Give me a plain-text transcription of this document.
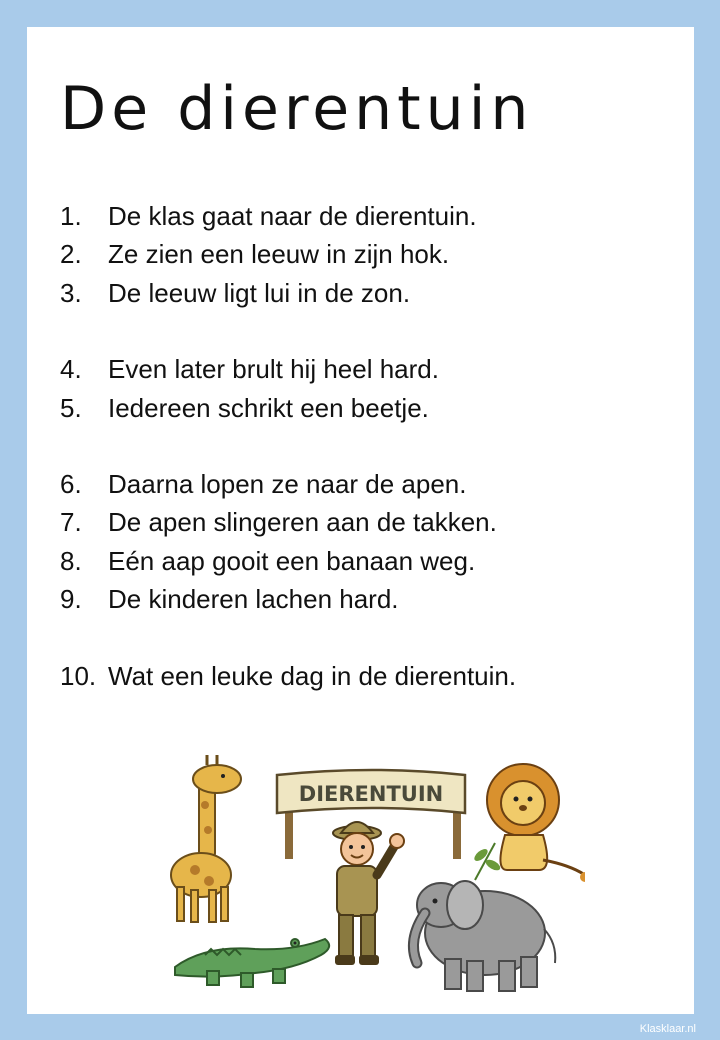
De dierentuin
1. De klas gaat naar de dierentuin.
2. Ze zien een leeuw in zijn hok.
3. De leeuw ligt lui in de zon.
4. Even later brult hij heel hard.
5. Iedereen schrikt een beetje.
6. Daarna lopen ze naar de apen.
7. De apen slingeren aan de takken.
8. Eén aap gooit een banaan weg.
9. De kinderen lachen hard.
10. Wat een leuke dag in de dierentuin.
DIERENTUIN
Klasklaar.nl
